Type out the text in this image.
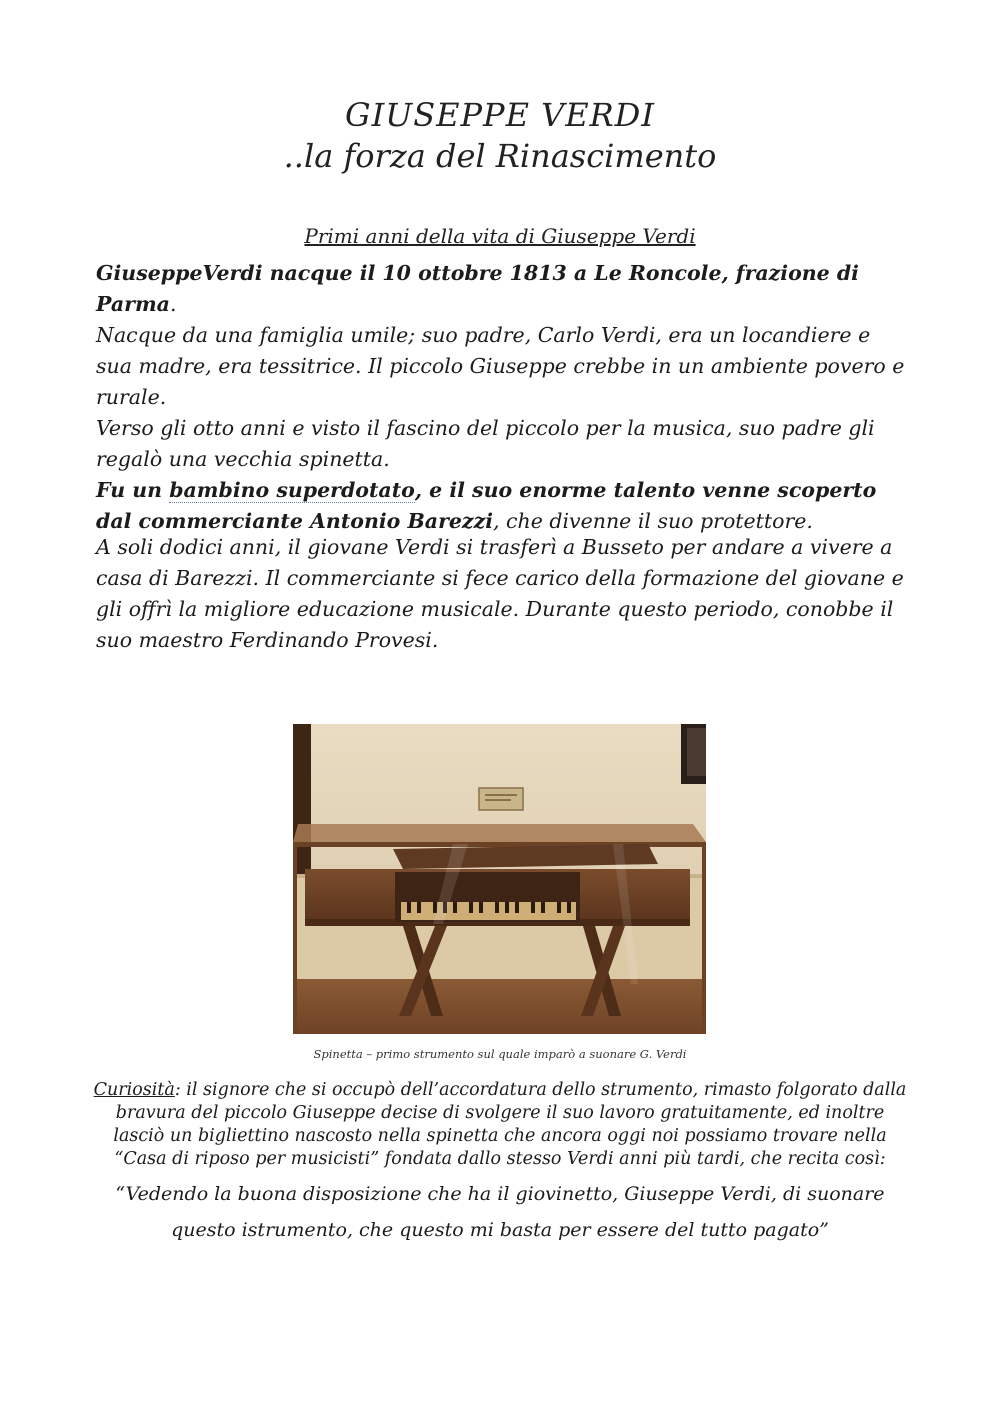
GIUSEPPE VERDI
..la forza del Rinascimento
Primi anni della vita di Giuseppe Verdi
GiuseppeVerdi nacque il 10 ottobre 1813 a Le Roncole, frazione di Parma.
Nacque da una famiglia umile; suo padre, Carlo Verdi, era un locandiere e sua madre, era tessitrice. Il piccolo Giuseppe crebbe in un ambiente povero e rurale.
Verso gli otto anni e visto il fascino del piccolo per la musica, suo padre gli regalò una vecchia spinetta.
Fu un bambino superdotato, e il suo enorme talento venne scoperto dal commerciante Antonio Barezzi, che divenne il suo protettore.
A soli dodici anni, il giovane Verdi si trasferì a Busseto per andare a vivere a casa di Barezzi. Il commerciante si fece carico della formazione del giovane e gli offrì la migliore educazione musicale. Durante questo periodo, conobbe il suo maestro Ferdinando Provesi.
Spinetta – primo strumento sul quale imparò a suonare G. Verdi
Curiosità: il signore che si occupò dell’accordatura dello strumento, rimasto folgorato dalla bravura del piccolo Giuseppe decise di svolgere il suo lavoro gratuitamente, ed inoltre lasciò un bigliettino nascosto nella spinetta che ancora oggi noi possiamo trovare nella “Casa di riposo per musicisti” fondata dallo stesso Verdi anni più tardi, che recita così:
“Vedendo la buona disposizione che ha il giovinetto, Giuseppe Verdi, di suonare questo istrumento, che questo mi basta per essere del tutto pagato”
